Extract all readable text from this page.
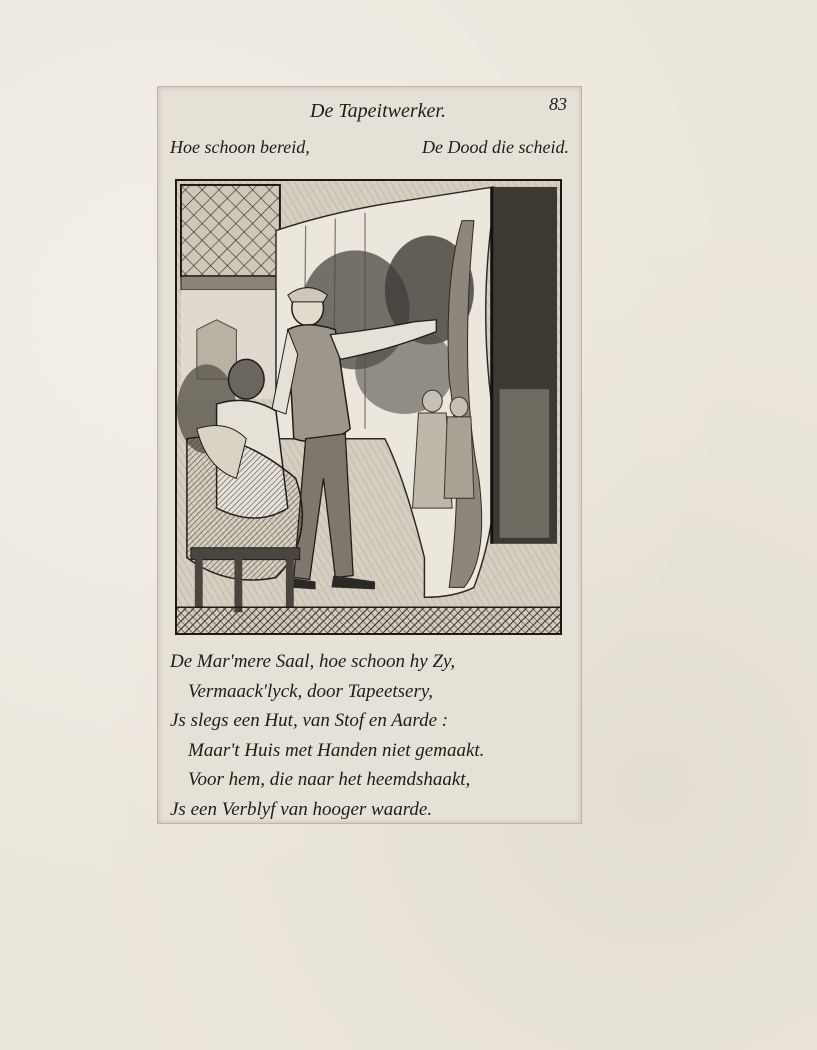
De Tapeitwerker.	83
Hoe schoon bereid,	De Dood die scheid.
De Mar'mere Saal, hoe schoon hy Zy,
Vermaack'lyck, door Tapeetsery,
Js slegs een Hut, van Stof en Aarde :
Maar't Huis met Handen niet gemaakt.
Voor hem, die naar het heemdshaakt,
Js een Verblyf van hooger waarde.
